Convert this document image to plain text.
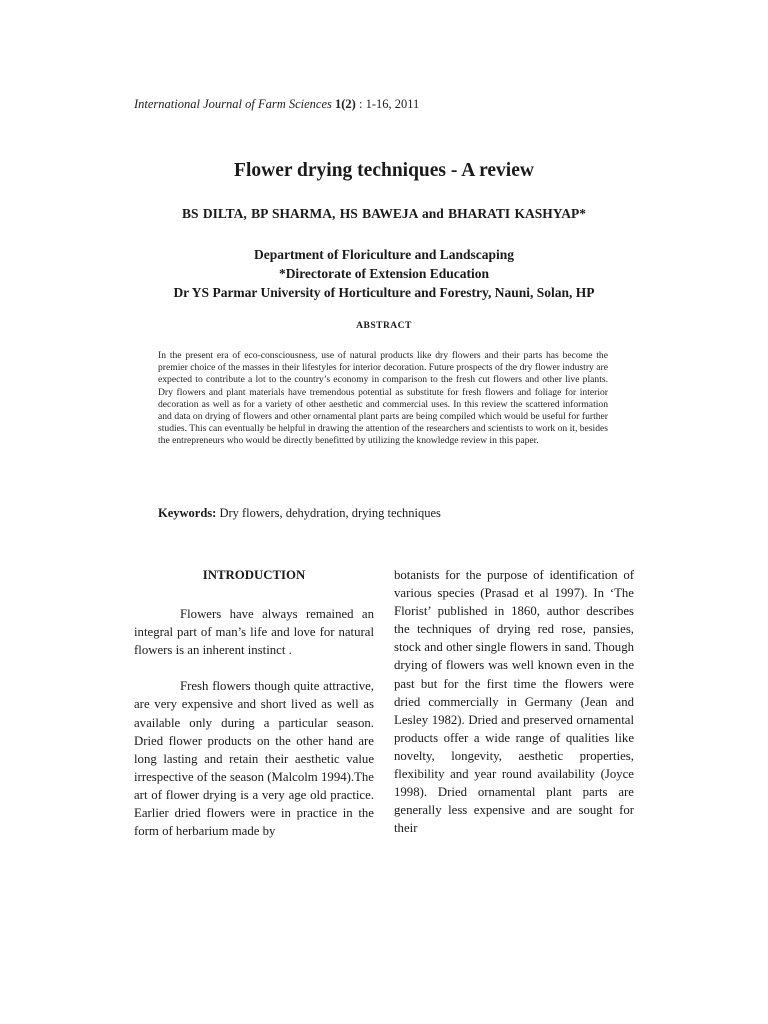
International Journal of Farm Sciences 1(2) : 1-16, 2011
Flower drying techniques - A review
BS DILTA, BP SHARMA, HS BAWEJA and BHARATI KASHYAP*
Department of Floriculture and Landscaping
*Directorate of Extension Education
Dr YS Parmar University of Horticulture and Forestry, Nauni, Solan, HP
ABSTRACT
In the present era of eco-consciousness, use of natural products like dry flowers and their parts has become the premier choice of the masses in their lifestyles for interior decoration. Future prospects of the dry flower industry are expected to contribute a lot to the country’s economy in comparison to the fresh cut flowers and other live plants. Dry flowers and plant materials have tremendous potential as substitute for fresh flowers and foliage for interior decoration as well as for a variety of other aesthetic and commercial uses. In this review the scattered information and data on drying of flowers and other ornamental plant parts are being compiled which would be useful for further studies. This can eventually be helpful in drawing the attention of the researchers and scientists to work on it, besides the entrepreneurs who would be directly benefitted by utilizing the knowledge review in this paper.
Keywords: Dry flowers, dehydration, drying techniques
INTRODUCTION

Flowers have always remained an integral part of man’s life and love for natural flowers is an inherent instinct .

Fresh flowers though quite attractive, are very expensive and short lived as well as available only during a particular season. Dried flower products on the other hand are long lasting and retain their aesthetic value irrespective of the season (Malcolm 1994).The art of flower drying is a very age old practice. Earlier dried flowers were in practice in the form of herbarium made by

botanists for the purpose of identification of various species (Prasad et al 1997). In ‘The Florist’ published in 1860, author describes the techniques of drying red rose, pansies, stock and other single flowers in sand. Though drying of flowers was well known even in the past but for the first time the flowers were dried commercially in Germany (Jean and Lesley 1982). Dried and preserved ornamental products offer a wide range of qualities like novelty, longevity, aesthetic properties, flexibility and year round availability (Joyce 1998). Dried ornamental plant parts are generally less expensive and are sought for their
